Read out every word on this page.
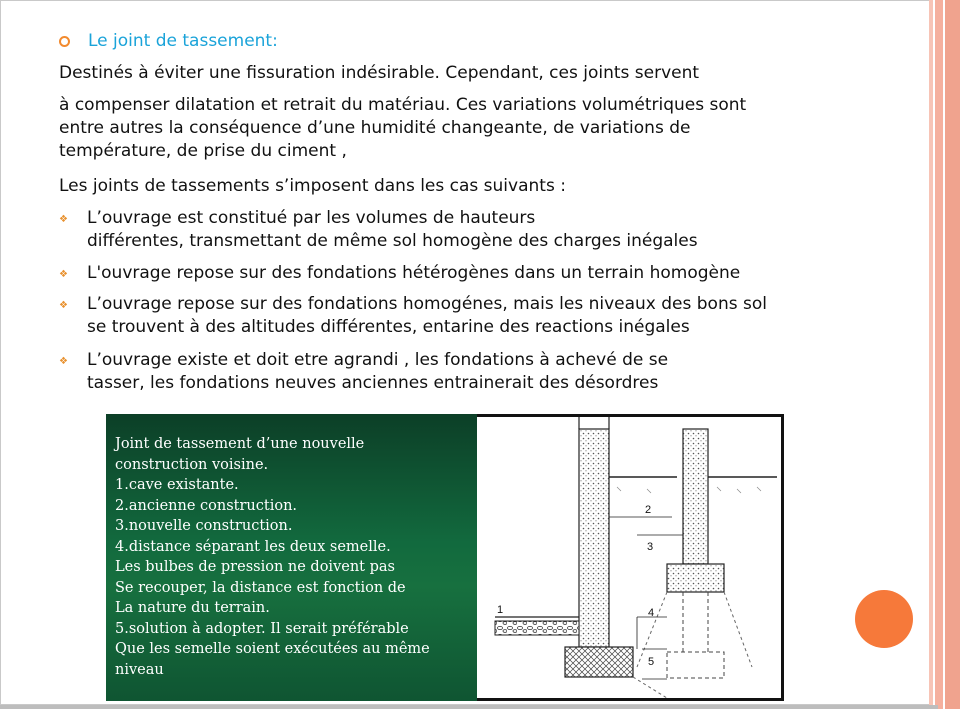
Le joint de tassement:
Destinés à éviter une fissuration indésirable. Cependant, ces joints servent
à compenser dilatation et retrait du matériau. Ces variations volumétriques sont
entre autres la conséquence d’une humidité changeante, de variations de
température, de prise du ciment ,
Les joints de tassements s’imposent dans les cas suivants :
❖	L’ouvrage est constitué par les volumes de hauteurs
différentes, transmettant de même sol homogène des charges inégales
❖	L'ouvrage repose sur des fondations hétérogènes dans un terrain homogène
❖	L’ouvrage repose sur des fondations homogénes, mais les niveaux des bons sol
se trouvent à des altitudes différentes, entarine des reactions inégales
❖	L’ouvrage existe et doit etre agrandi , les fondations à achevé de se
tasser, les fondations neuves anciennes entrainerait des désordres
Joint de tassement d’une nouvelle
construction voisine.
1.cave existante.
2.ancienne construction.
3.nouvelle construction.
4.distance séparant les deux semelle.
Les bulbes de pression ne doivent pas
Se recouper, la distance est fonction de
La nature du terrain.
5.solution à adopter. Il serait préférable
Que les semelle soient exécutées au même
niveau
2
3
1	4
5
